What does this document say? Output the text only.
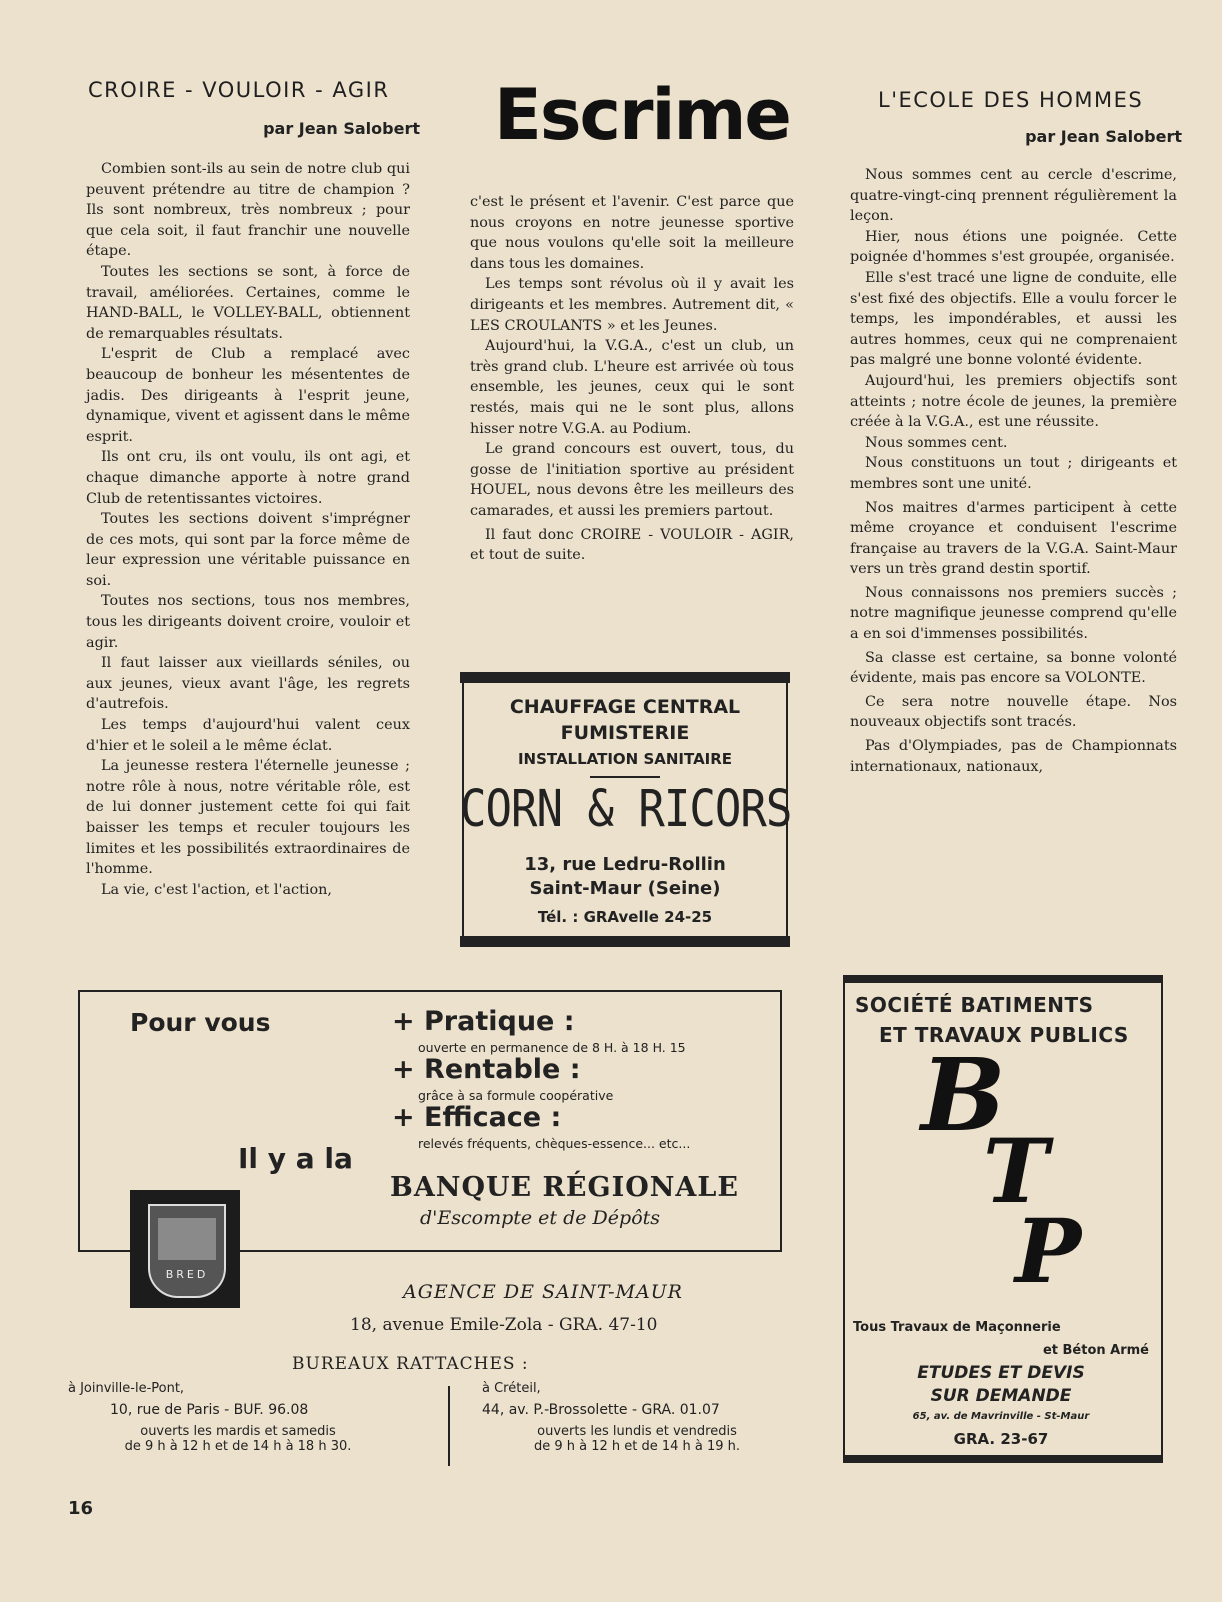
CROIRE - VOULOIR - AGIR
par Jean Salobert

Combien sont-ils au sein de notre club qui peuvent prétendre au titre de champion ? Ils sont nombreux, très nombreux ; pour que cela soit, il faut franchir une nouvelle étape.

Toutes les sections se sont, à force de travail, améliorées. Certaines, comme le HAND-BALL, le VOLLEY-BALL, obtiennent de remarquables résultats.

L'esprit de Club a remplacé avec beaucoup de bonheur les mésententes de jadis. Des dirigeants à l'esprit jeune, dynamique, vivent et agissent dans le même esprit.

Ils ont cru, ils ont voulu, ils ont agi, et chaque dimanche apporte à notre grand Club de retentissantes victoires.

Toutes les sections doivent s'imprégner de ces mots, qui sont par la force même de leur expression une véritable puissance en soi.

Toutes nos sections, tous nos membres, tous les dirigeants doivent croire, vouloir et agir.

Il faut laisser aux vieillards séniles, ou aux jeunes, vieux avant l'âge, les regrets d'autrefois.

Les temps d'aujourd'hui valent ceux d'hier et le soleil a le même éclat.

La jeunesse restera l'éternelle jeunesse ; notre rôle à nous, notre véritable rôle, est de lui donner justement cette foi qui fait baisser les temps et reculer toujours les limites et les possibilités extraordinaires de l'homme.

La vie, c'est l'action, et l'action,

Escrime

c'est le présent et l'avenir. C'est parce que nous croyons en notre jeunesse sportive que nous voulons qu'elle soit la meilleure dans tous les domaines.

Les temps sont révolus où il y avait les dirigeants et les membres. Autrement dit, « LES CROULANTS » et les Jeunes.

Aujourd'hui, la V.G.A., c'est un club, un très grand club. L'heure est arrivée où tous ensemble, les jeunes, ceux qui le sont restés, mais qui ne le sont plus, allons hisser notre V.G.A. au Podium.

Le grand concours est ouvert, tous, du gosse de l'initiation sportive au président HOUEL, nous devons être les meilleurs des camarades, et aussi les premiers partout.

Il faut donc CROIRE - VOULOIR - AGIR, et tout de suite.

L'ECOLE DES HOMMES
par Jean Salobert

Nous sommes cent au cercle d'escrime, quatre-vingt-cinq prennent régulièrement la leçon.

Hier, nous étions une poignée. Cette poignée d'hommes s'est groupée, organisée.

Elle s'est tracé une ligne de conduite, elle s'est fixé des objectifs. Elle a voulu forcer le temps, les impondérables, et aussi les autres hommes, ceux qui ne comprenaient pas malgré une bonne volonté évidente.

Aujourd'hui, les premiers objectifs sont atteints ; notre école de jeunes, la première créée à la V.G.A., est une réussite.

Nous sommes cent.

Nous constituons un tout ; dirigeants et membres sont une unité.

Nos maitres d'armes participent à cette même croyance et conduisent l'escrime française au travers de la V.G.A. Saint-Maur vers un très grand destin sportif.

Nous connaissons nos premiers succès ; notre magnifique jeunesse comprend qu'elle a en soi d'immenses possibilités.

Sa classe est certaine, sa bonne volonté évidente, mais pas encore sa VOLONTE.

Ce sera notre nouvelle étape. Nos nouveaux objectifs sont tracés.

Pas d'Olympiades, pas de Championnats internationaux, nationaux,

CHAUFFAGE CENTRAL
FUMISTERIE
INSTALLATION SANITAIRE
CORN & RICORS
13, rue Ledru-Rollin
Saint-Maur (Seine)
Tél. : GRAvelle 24-25
Pour vous	+ Pratique :
ouverte en permanence de 8 H. à 18 H. 15
+ Rentable :
grâce à sa formule coopérative
+ Efficace :
relevés fréquents, chèques-essence... etc...
Il y a la
BANQUE RÉGIONALE
d'Escompte et de Dépôts
BRED
AGENCE DE SAINT-MAUR
18, avenue Emile-Zola - GRA. 47-10
BUREAUX RATTACHES :
à Joinville-le-Pont,
10, rue de Paris - BUF. 96.08
ouverts les mardis et samedis
de 9 h à 12 h et de 14 h à 18 h 30.
à Créteil,
44, av. P.-Brossolette - GRA. 01.07
ouverts les lundis et vendredis
de 9 h à 12 h et de 14 h à 19 h.
SOCIÉTÉ BATIMENTS
ET TRAVAUX PUBLICS
B
T
P
Tous Travaux de Maçonnerie
et Béton Armé
ETUDES ET DEVIS
SUR DEMANDE
65, av. de Mavrinville - St-Maur
GRA. 23-67
16
